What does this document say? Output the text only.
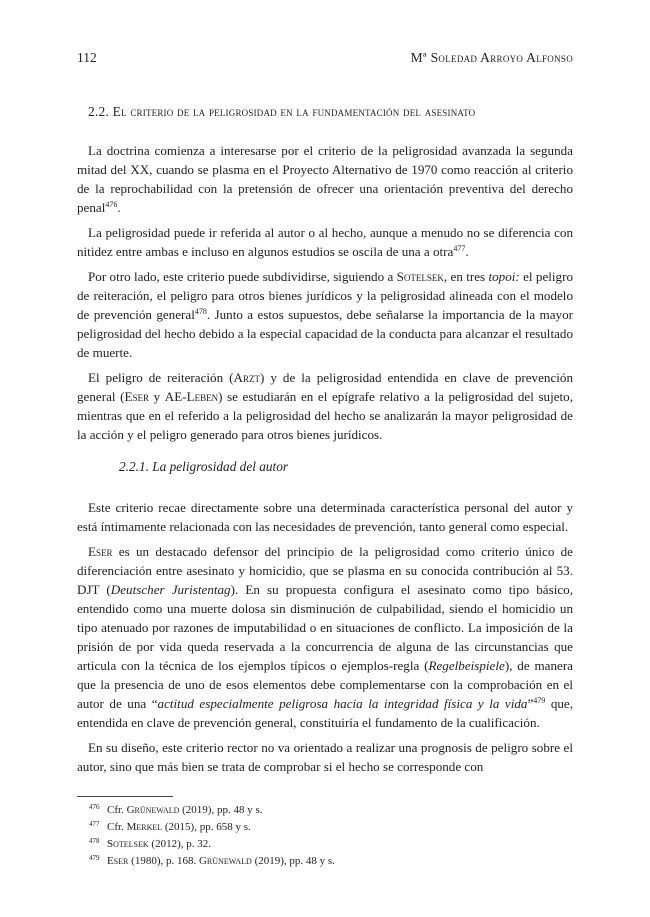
112	Mª Soledad Arroyo Alfonso
2.2. El criterio de la peligrosidad en la fundamentación del asesinato

La doctrina comienza a interesarse por el criterio de la peligrosidad avanzada la segunda mitad del XX, cuando se plasma en el Proyecto Alternativo de 1970 como reacción al criterio de la reprochabilidad con la pretensión de ofrecer una orientación preventiva del derecho penal$^{476}$.

La peligrosidad puede ir referida al autor o al hecho, aunque a menudo no se diferencia con nitidez entre ambas e incluso en algunos estudios se oscila de una a otra$^{477}$.

Por otro lado, este criterio puede subdividirse, siguiendo a Sotelsek, en tres topoi: el peligro de reiteración, el peligro para otros bienes jurídicos y la peligrosidad alineada con el modelo de prevención general$^{478}$. Junto a estos supuestos, debe señalarse la importancia de la mayor peligrosidad del hecho debido a la especial capacidad de la conducta para alcanzar el resultado de muerte.

El peligro de reiteración (Arzt) y de la peligrosidad entendida en clave de prevención general (Eser y AE-Leben) se estudiarán en el epígrafe relativo a la peligrosidad del sujeto, mientras que en el referido a la peligrosidad del hecho se analizarán la mayor peligrosidad de la acción y el peligro generado para otros bienes jurídicos.

2.2.1. La peligrosidad del autor

Este criterio recae directamente sobre una determinada característica personal del autor y está íntimamente relacionada con las necesidades de prevención, tanto general como especial.

Eser es un destacado defensor del principio de la peligrosidad como criterio único de diferenciación entre asesinato y homicidio, que se plasma en su conocida contribución al 53. DJT (Deutscher Juristentag). En su propuesta configura el asesinato como tipo básico, entendido como una muerte dolosa sin disminución de culpabilidad, siendo el homicidio un tipo atenuado por razones de imputabilidad o en situaciones de conflicto. La imposición de la prisión de por vida queda reservada a la concurrencia de alguna de las circunstancias que articula con la técnica de los ejemplos típicos o ejemplos-regla (Regelbeispiele), de manera que la presencia de uno de esos elementos debe complementarse con la comprobación en el autor de una “actitud especialmente peligrosa hacia la integridad física y la vida”$^{479}$ que, entendida en clave de prevención general, constituiría el fundamento de la cualificación.

En su diseño, este criterio rector no va orientado a realizar una prognosis de peligro sobre el autor, sino que más bien se trata de comprobar si el hecho se corresponde con

476 Cfr. Grünewald (2019), pp. 48 y s.
477 Cfr. Merkel (2015), pp. 658 y s.
478 Sotelsek (2012), p. 32.
479 Eser (1980), p. 168. Grünewald (2019), pp. 48 y s.
